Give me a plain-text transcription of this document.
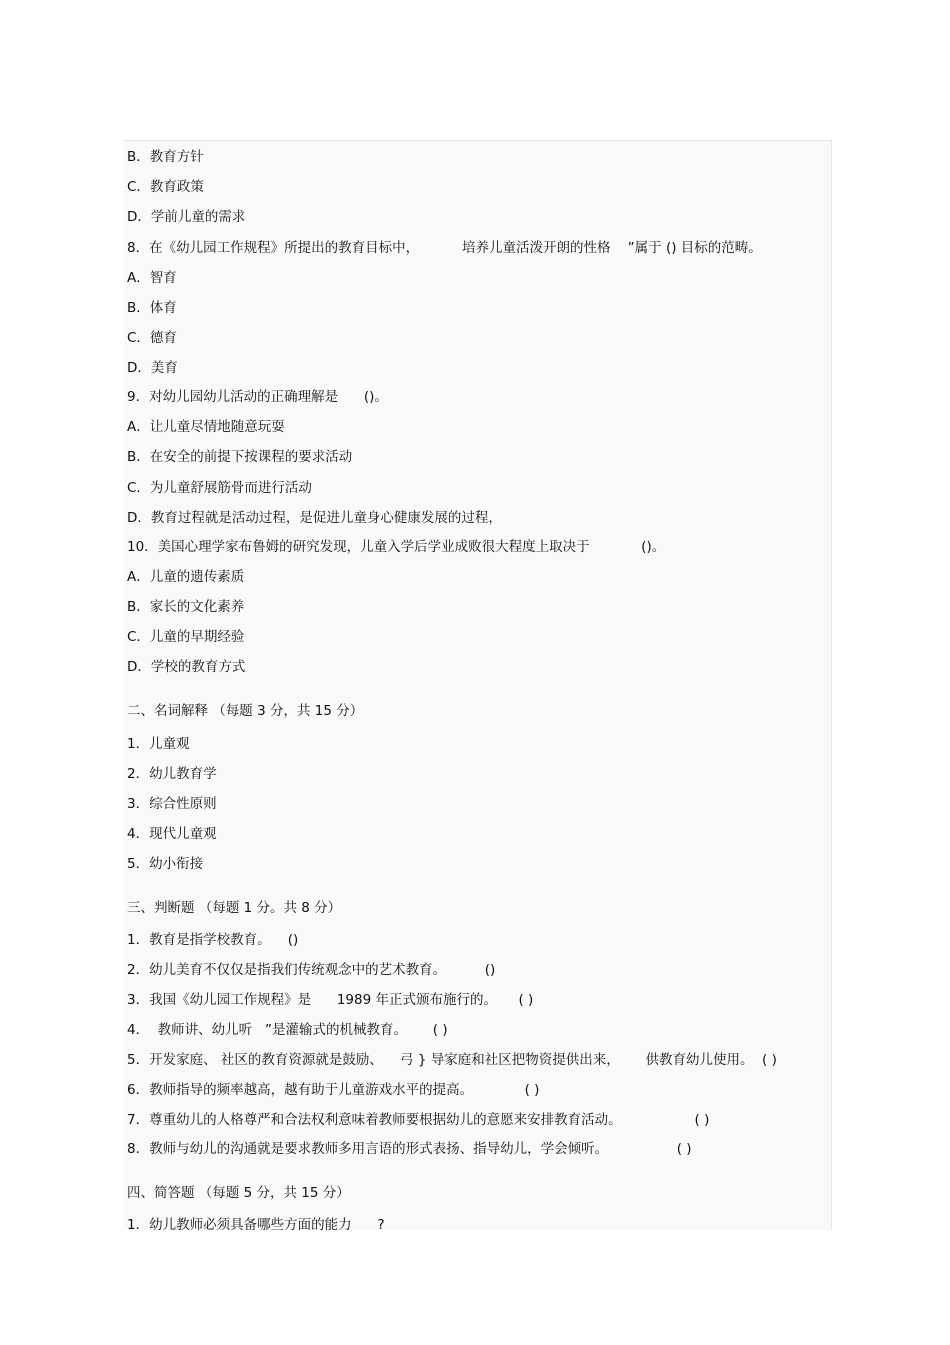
B．教育方针
C．教育政策
D．学前儿童的需求
8．在《幼儿园工作规程》所提出的教育目标中，          培养儿童活泼开朗的性格    ”属于 () 目标的范畴。
A．智育
B．体育
C．德育
D．美育
9．对幼儿园幼儿活动的正确理解是      ()。
A．让儿童尽情地随意玩耍
B．在安全的前提下按课程的要求活动
C．为儿童舒展筋骨而进行活动
D．教育过程就是活动过程，是促进儿童身心健康发展的过程，
10．美国心理学家布鲁姆的研究发现，儿童入学后学业成败很大程度上取决于            ()。
A．儿童的遗传素质
B．家长的文化素养
C．儿童的早期经验
D．学校的教育方式
二、名词解释 （每题 3 分，共 15 分）
1．儿童观
2．幼儿教育学
3．综合性原则
4．现代儿童观
5．幼小衔接
三、判断题 （每题 1 分。共 8 分）
1．教育是指学校教育。    ()
2．幼儿美育不仅仅是指我们传统观念中的艺术教育。         ()
3．我国《幼儿园工作规程》是      1989 年正式颁布施行的。     ( )
4．  教师讲、幼儿听   ”是灌输式的机械教育。      ( )
5．开发家庭、 社区的教育资源就是鼓励、    弓 } 导家庭和社区把物资提供出来，      供教育幼儿使用。  ( )
6．教师指导的频率越高，越有助于儿童游戏水平的提高。            ( )
7．尊重幼儿的人格尊严和合法权利意味着教师要根据幼儿的意愿来安排教育活动。                 ( )
8．教师与幼儿的沟通就是要求教师多用言语的形式表扬、指导幼儿，学会倾听。                ( )
四、简答题 （每题 5 分，共 15 分）
1．幼儿教师必须具备哪些方面的能力      ?
